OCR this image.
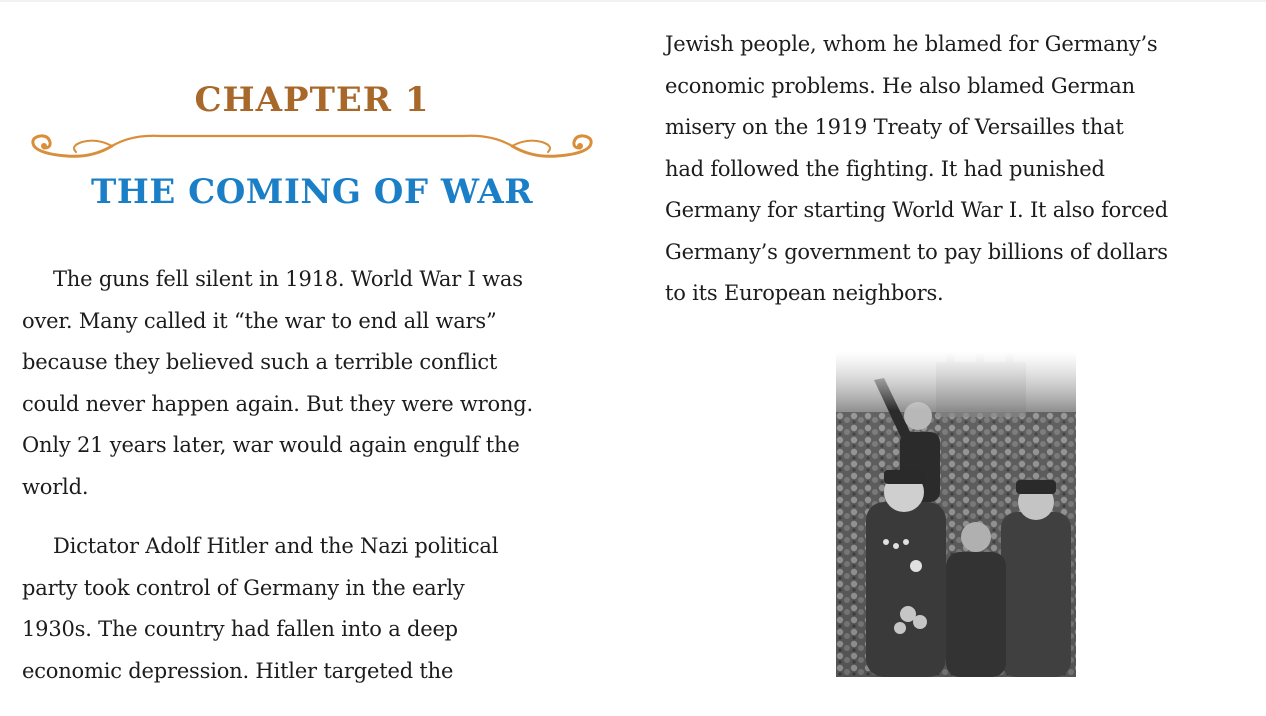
CHAPTER 1
THE COMING OF WAR

The guns fell silent in 1918. World War I was
over. Many called it “the war to end all wars”
because they believed such a terrible conflict
could never happen again. But they were wrong.
Only 21 years later, war would again engulf the
world.

Dictator Adolf Hitler and the Nazi political
party took control of Germany in the early
1930s. The country had fallen into a deep
economic depression. Hitler targeted the

Jewish people, whom he blamed for Germany’s
economic problems. He also blamed German
misery on the 1919 Treaty of Versailles that
had followed the fighting. It had punished
Germany for starting World War I. It also forced
Germany’s government to pay billions of dollars
to its European neighbors.
